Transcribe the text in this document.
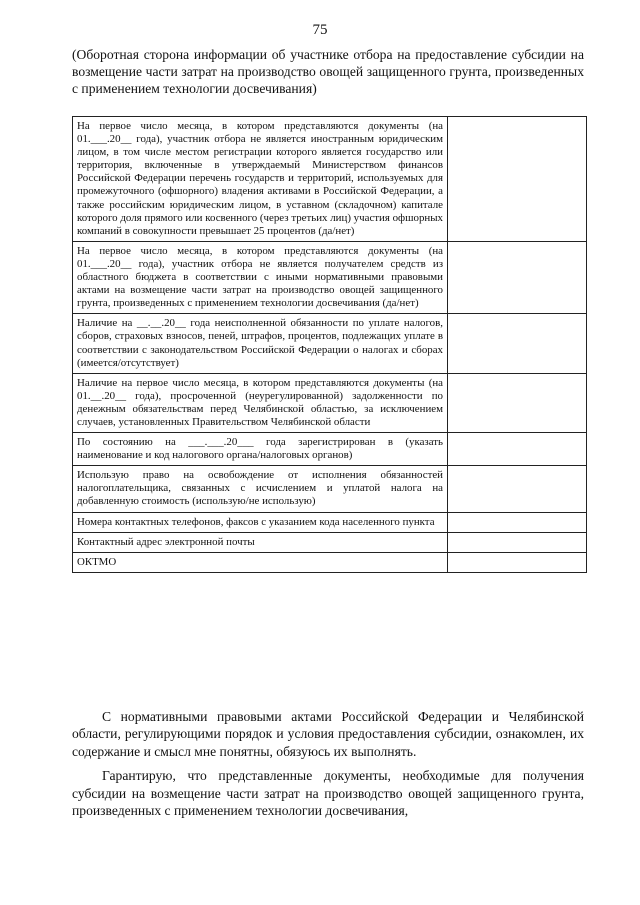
75
(Оборотная сторона информации об участнике отбора на предоставление субсидии на возмещение части затрат на производство овощей защищенного грунта, произведенных с применением технологии досвечивания)
На первое число месяца, в котором представляются документы (на 01.___.20__ года), участник отбора не является иностранным юридическим лицом, в том числе местом регистрации которого является государство или территория, включенные в утверждаемый Министерством финансов Российской Федерации перечень государств и территорий, используемых для промежуточного (офшорного) владения активами в Российской Федерации, а также российским юридическим лицом, в уставном (складочном) капитале которого доля прямого или косвенного (через третьих лиц) участия офшорных компаний в совокупности превышает 25 процентов (да/нет)	
На первое число месяца, в котором представляются документы (на 01.___.20__ года), участник отбора не является получателем средств из областного бюджета в соответствии с иными нормативными правовыми актами на возмещение части затрат на производство овощей защищенного грунта, произведенных с применением технологии досвечивания (да/нет)	
Наличие на __.__.20__ года неисполненной обязанности по уплате налогов, сборов, страховых взносов, пеней, штрафов, процентов, подлежащих уплате в соответствии с законодательством Российской Федерации о налогах и сборах (имеется/отсутствует)	
Наличие на первое число месяца, в котором представляются документы (на 01.__.20__ года), просроченной (неурегулированной) задолженности по денежным обязательствам перед Челябинской областью, за исключением случаев, установленных Правительством Челябинской области	
По состоянию на ___.___.20___ года зарегистрирован в (указать наименование и код налогового органа/налоговых органов)	
Использую право на освобождение от исполнения обязанностей налогоплательщика, связанных с исчислением и уплатой налога на добавленную стоимость (использую/не использую)	
Номера контактных телефонов, факсов с указанием кода населенного пункта	
Контактный адрес электронной почты	
ОКТМО	

С нормативными правовыми актами Российской Федерации и Челябинской области, регулирующими порядок и условия предоставления субсидии, ознакомлен, их содержание и смысл мне понятны, обязуюсь их выполнять.

Гарантирую, что представленные документы, необходимые для получения субсидии на возмещение части затрат на производство овощей защищенного грунта, произведенных с применением технологии досвечивания,
